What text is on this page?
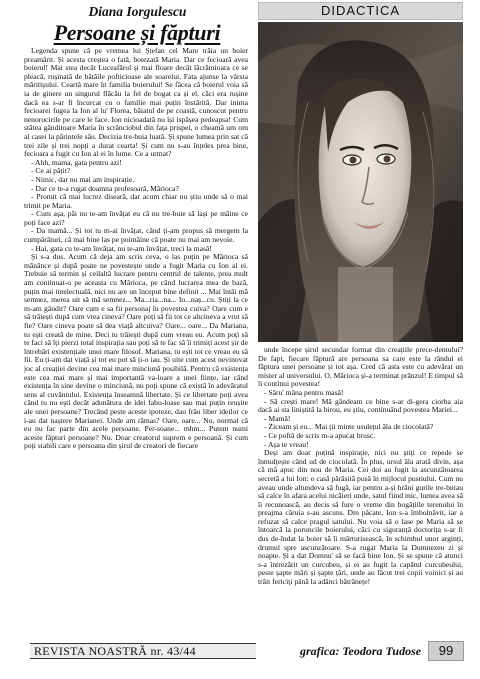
Diana Iorgulescu
Persoane și făpturi

Legenda spune că pe vremea lui Ștefan cel Mare trăia un boier preamărit. Și acesta creștea o fată, botezată Maria. Dar ce fecioară avea boierul! Mai stea decât Luceafărul și mai floare decât lăcrămioara ce se pleacă, rușinată de bătăile pofticioase ale soarelui. Fata ajunse la vârsta măritișului. Ceartă mare în familia boierului! Se făcea că boierul voia să ia de ginere un singurul flăcău la fel de bogat ca și el, căci era rușine dacă ea s-ar fi încurcat cu o familie mai puțin înstărită. Dar inima fecioarei fugea la Ion al lu' Florea, băiatul de pe coastă, cunoscut pentru nenorocirile pe care le face. Ion nicioadată nu își ispășea pedeapsa! Cum stătea gânditoare Maria în scrânciobul din fața prispei, o cheamă um om al casei la părintele său. Decizia tre-buia luată. Și spune lumea prin sat că trei zile și trei nopți a durat cearta! Și cum nu s-au înțeles prea bine, fecioara a fugit cu Ion al ei în lume. Ce a urmat?

- Ahh, mama, gata pentru azi!

- Ce ai pățit?

- Nimic, dar nu mai am inspirație.

- Dar ce te-a rugat doamna profesoară, Mărioca?

- Promit că mai lucrez diseară, dar acum chiar nu știu unde să o mai trimit pe Maria.

- Cum așa, păi nu te-am învățat eu că nu tre-buie să lași pe mâine ce poți face azi?

- Da mamă... Și tot tu m-ai învățat, când ți-am propus să mergem la cumpărături, că mai bine las pe poimâine că poate nu mai am nevoie.

- Hai, gata cu te-am învățat, nu te-am învățat, treci la masă!

Și s-a dus. Acum că deja am scris ceva, o las puțin pe Mărioca să mănânce și după poate ne povestește unde a fugit Maria cu Ion al ei. Trebuie să termin și ceilaltă lucrare pentru centrul de talente, prea mult am continuat-o pe aceasta cu Mărioca, pe când lucrarea mea de bază, puțin mai intelectuală, nici nu are un început bine definit ... Mai întâi mă semnez, merea uit să mă semnez... Ma...ria...na... Io...naș...cu. Știți la ce m-am gândit? Oare cum e sa fii personaj în povestea cuiva? Oare cum e să trăiești după cum vrea cineva? Oare poți să fii tot ce altcineva a vrut să fie? Oare cineva poate să dea viață altcuiva? Oare... oare... Da Mariana, tu ești creată de mine. Deci tu trăiești după cum vreau eu. Acum poți să te faci să îți pierzi total inspirația sau poți să te fac să îi trimiți acest șir de întrebări existențiale unui mare filosof. Mariana, tu ești tot ce vreau eu să fii. Eu ți-am dat viață și tot eu pot să ți-o iau. Și uite cum acest nevinovat joc al creației devine cea mai mare minciună posibilă. Pentru că existența este cea mai mare și mai importantă va-loare a unei ființe, iar când existența în sine devine o minciună, nu poți spune că există în adevăratul sens al cuvântului. Existența înseamnă libertate. Și ce libertate poți avea când tu nu ești decât adunătura de idei fabu-loase sau mai puțin reușite ale unei persoane? Trecând peste aceste ipoteze, dau frâu liber ideilor ce i-au dat naștere Marianei. Unde am rămas? Oare, oare... Nu, normal că eu nu fac parte din acele persoane. Per-soane... mhm... Putem numi aceste făpturi persoane? Nu. Doar creatorul suprem e persoană. Și cum poți stabili care e persoana din șirul de creatori de fiecare

DIDACTICA

unde începe șirul secundar format din creațiile prece-dentului? De fapt, fiecare făptură are persoana sa care este la rândul ei făptura unei persoane și tot așa. Cred că asta este cu adevărat un mister al universului. O, Mărioca și-a terminat prânzul! E timpul să îi continui povestea!

- Săru' mâna pentru masă!

- Să crești mare! Mă gândeam ce bine s-ar di-gera ciorba aia dacă ai sta liniștită la birou, eu știu, continuând povestea Mariei...

- Mamă!

- Ziceam și eu... Mai ții minte usulețul ăla de ciocolată?

- Ce poftă de scris m-a apucat brusc.

- Așa te vreau!

Deși am doar puțină inspirație, nici nu știți ce repede se înmulțește când ud de ciocolată. În plus, ursul ăla arată divin, așa că mă apuc din nou de Maria. Cei doi au fugit la ascunzătoarea secretă a lui Ion: o casă părăsită pusă în mijlocul pustiului. Cum nu aveau unde altundeva să fugă, iar pentru a-și hrăni gurile tre-buiau să calce în afara acelui nicăieri unde, satul fiind mic, lumea avea să îi recunoască, au decis să fure o vreme din bogățiile terenului în preajma căruia s-au ascuns. Din păcate, Ion s-a îmbolnăvit, iar a refuzat să calce pragul satului. Nu voia să o lase pe Maria să se întoarcă la poruncile boierului, căci cu siguranță doctorița s-ar fi dus de-îndat la boier să îi mărturisească, în schimbul unor arginți, drumul spre ascunzătoare. S-a rugat Maria la Dumnezeu zi și noapte. Și a dat Domnu' să se facă bine Ion. Și se spune că atunci s-a întrezărit un curcubeu, și ei au fugit la capătul curcubeului, peste șapte mări și șapte țări, unde au făcut trei copii voinici și au trăit fericiți până la adânci bătrânețe!

REVISTA NOASTRĂ nr. 43/44	grafica: Teodora Tudose	99
